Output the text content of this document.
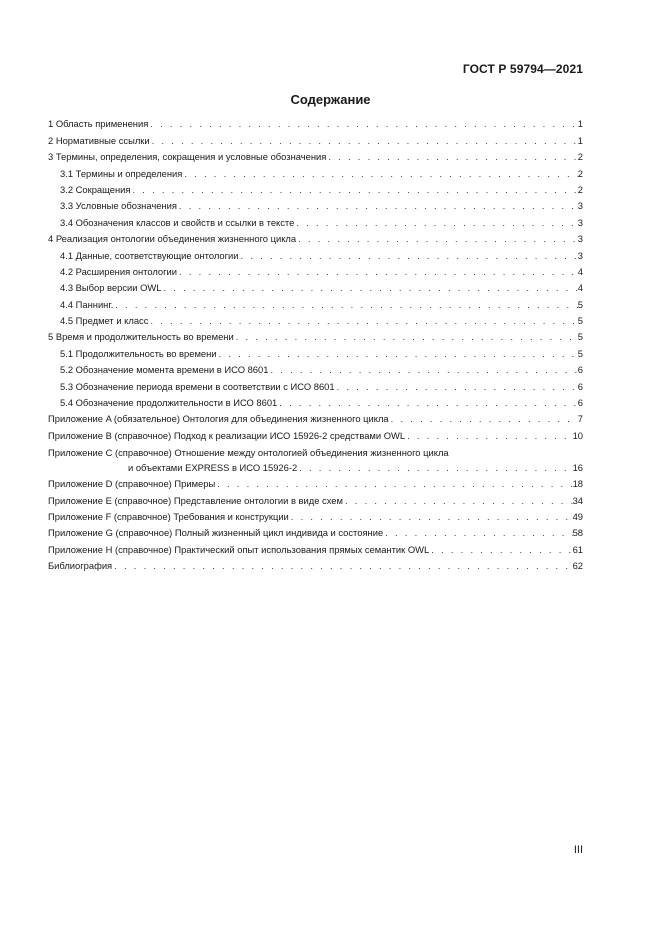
ГОСТ Р 59794—2021
Содержание
1 Область применения . . .	1
2 Нормативные ссылки . . .	1
3 Термины, определения, сокращения и условные обозначения . . .	2
3.1 Термины и определения . . .	2
3.2 Сокращения . . .	2
3.3 Условные обозначения . . .	3
3.4 Обозначения классов и свойств и ссылки в тексте . . .	3
4 Реализация онтологии объединения жизненного цикла . . .	3
4.1 Данные, соответствующие онтологии . . .	3
4.2 Расширения онтологии . . .	4
4.3 Выбор версии OWL . . .	4
4.4 Паннинг. . . .	5
4.5 Предмет и класс . . .	5
5 Время и продолжительность во времени . . .	5
5.1 Продолжительность во времени . . .	5
5.2 Обозначение момента времени в ИСО 8601 . . .	6
5.3 Обозначение периода времени в соответствии с ИСО 8601 . . .	6
5.4 Обозначение продолжительности в ИСО 8601 . . .	6
Приложение A (обязательное) Онтология для объединения жизненного цикла . . .	7
Приложение B (справочное) Подход к реализации ИСО 15926-2 средствами OWL . . .	10
Приложение C (справочное) Отношение между онтологией объединения жизненного цикла
и объектами EXPRESS в ИСО 15926-2 . . .	16
Приложение D (справочное) Примеры . . .	18
Приложение E (справочное) Представление онтологии в виде схем . . .	34
Приложение F (справочное) Требования и конструкции . . .	49
Приложение G (справочное) Полный жизненный цикл индивида и состояние . . .	58
Приложение H (справочное) Практический опыт использования прямых семантик OWL . . .	61
Библиография . . .	62
III
